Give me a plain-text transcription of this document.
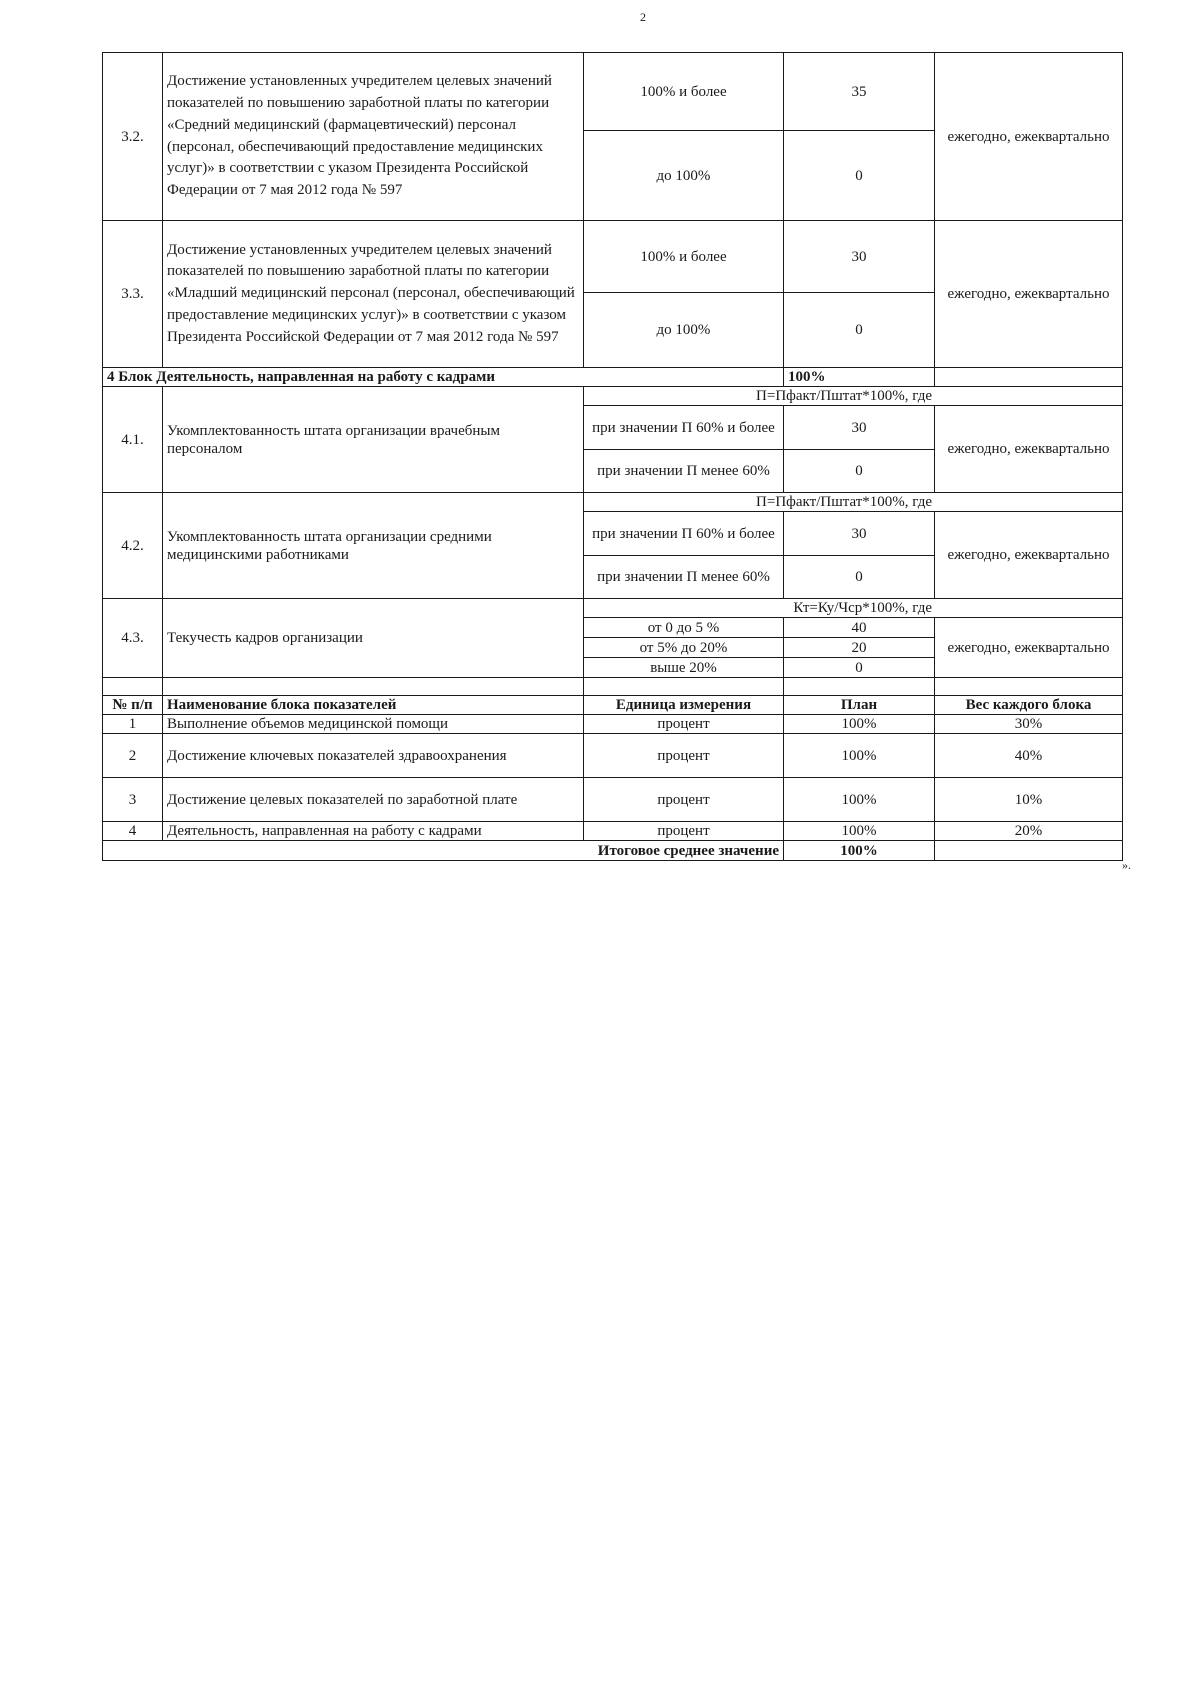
2
3.2.	Достижение установленных учредителем целевых значений показателей по повышению заработной платы по категории «Средний медицинский (фармацевтический) персонал (персонал, обеспечивающий предоставление медицинских услуг)» в соответствии с указом Президента Российской Федерации от 7 мая 2012 года № 597	100% и более	35	ежегодно, ежеквартально
		до 100%	0	
3.3.	Достижение установленных учредителем целевых значений показателей по повышению заработной платы по категории «Младший медицинский персонал (персонал, обеспечивающий предоставление медицинских услуг)» в соответствии с указом Президента Российской Федерации от 7 мая 2012 года № 597	100% и более	30	ежегодно, ежеквартально
		до 100%	0	
4 Блок Деятельность, направленная на работу с кадрами			100%	
4.1.	Укомплектованность штата организации врачебным персоналом	П=Пфакт/Пштат*100%, где		
		при значении П 60% и более	30	ежегодно, ежеквартально
		при значении П менее 60%	0	
4.2.	Укомплектованность штата организации средними медицинскими работниками	П=Пфакт/Пштат*100%, где		
		при значении П 60% и более	30	ежегодно, ежеквартально
		при значении П менее 60%	0	
4.3.	Текучесть кадров организации	Кт=Ку/Чср*100%, где		
		от 0 до 5 %	40	ежегодно, ежеквартально
		от 5% до 20%	20	
		выше 20%	0	

№ п/п	Наименование блока показателей	Единица измерения	План	Вес каждого блока
1	Выполнение объемов медицинской помощи	процент	100%	30%
2	Достижение ключевых показателей здравоохранения	процент	100%	40%
3	Достижение целевых показателей по заработной плате	процент	100%	10%
4	Деятельность, направленная на работу с кадрами	процент	100%	20%
Итоговое среднее значение			100%	
».
